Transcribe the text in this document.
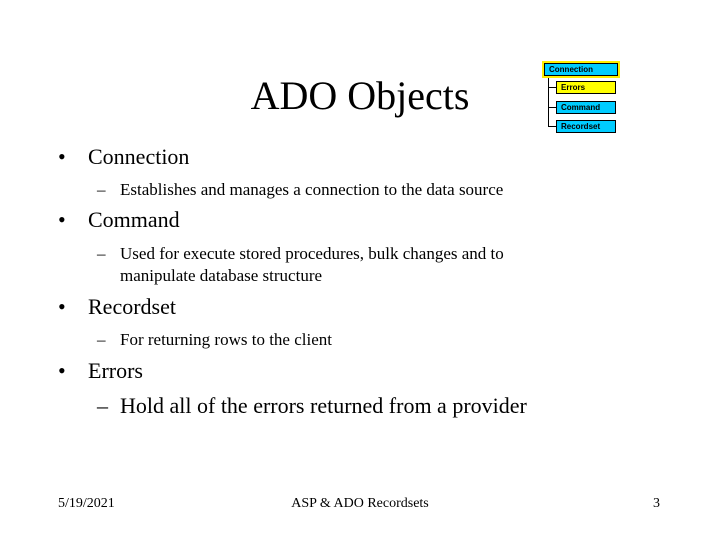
ADO Objects
Connection
Errors
Command
Recordset
• Connection
– Establishes and manages a connection to the data source
• Command
– Used for execute stored procedures, bulk changes and to
manipulate database structure
• Recordset
– For returning rows to the client
• Errors
– Hold all of the errors returned from a provider
5/19/2021	ASP & ADO Recordsets	3
